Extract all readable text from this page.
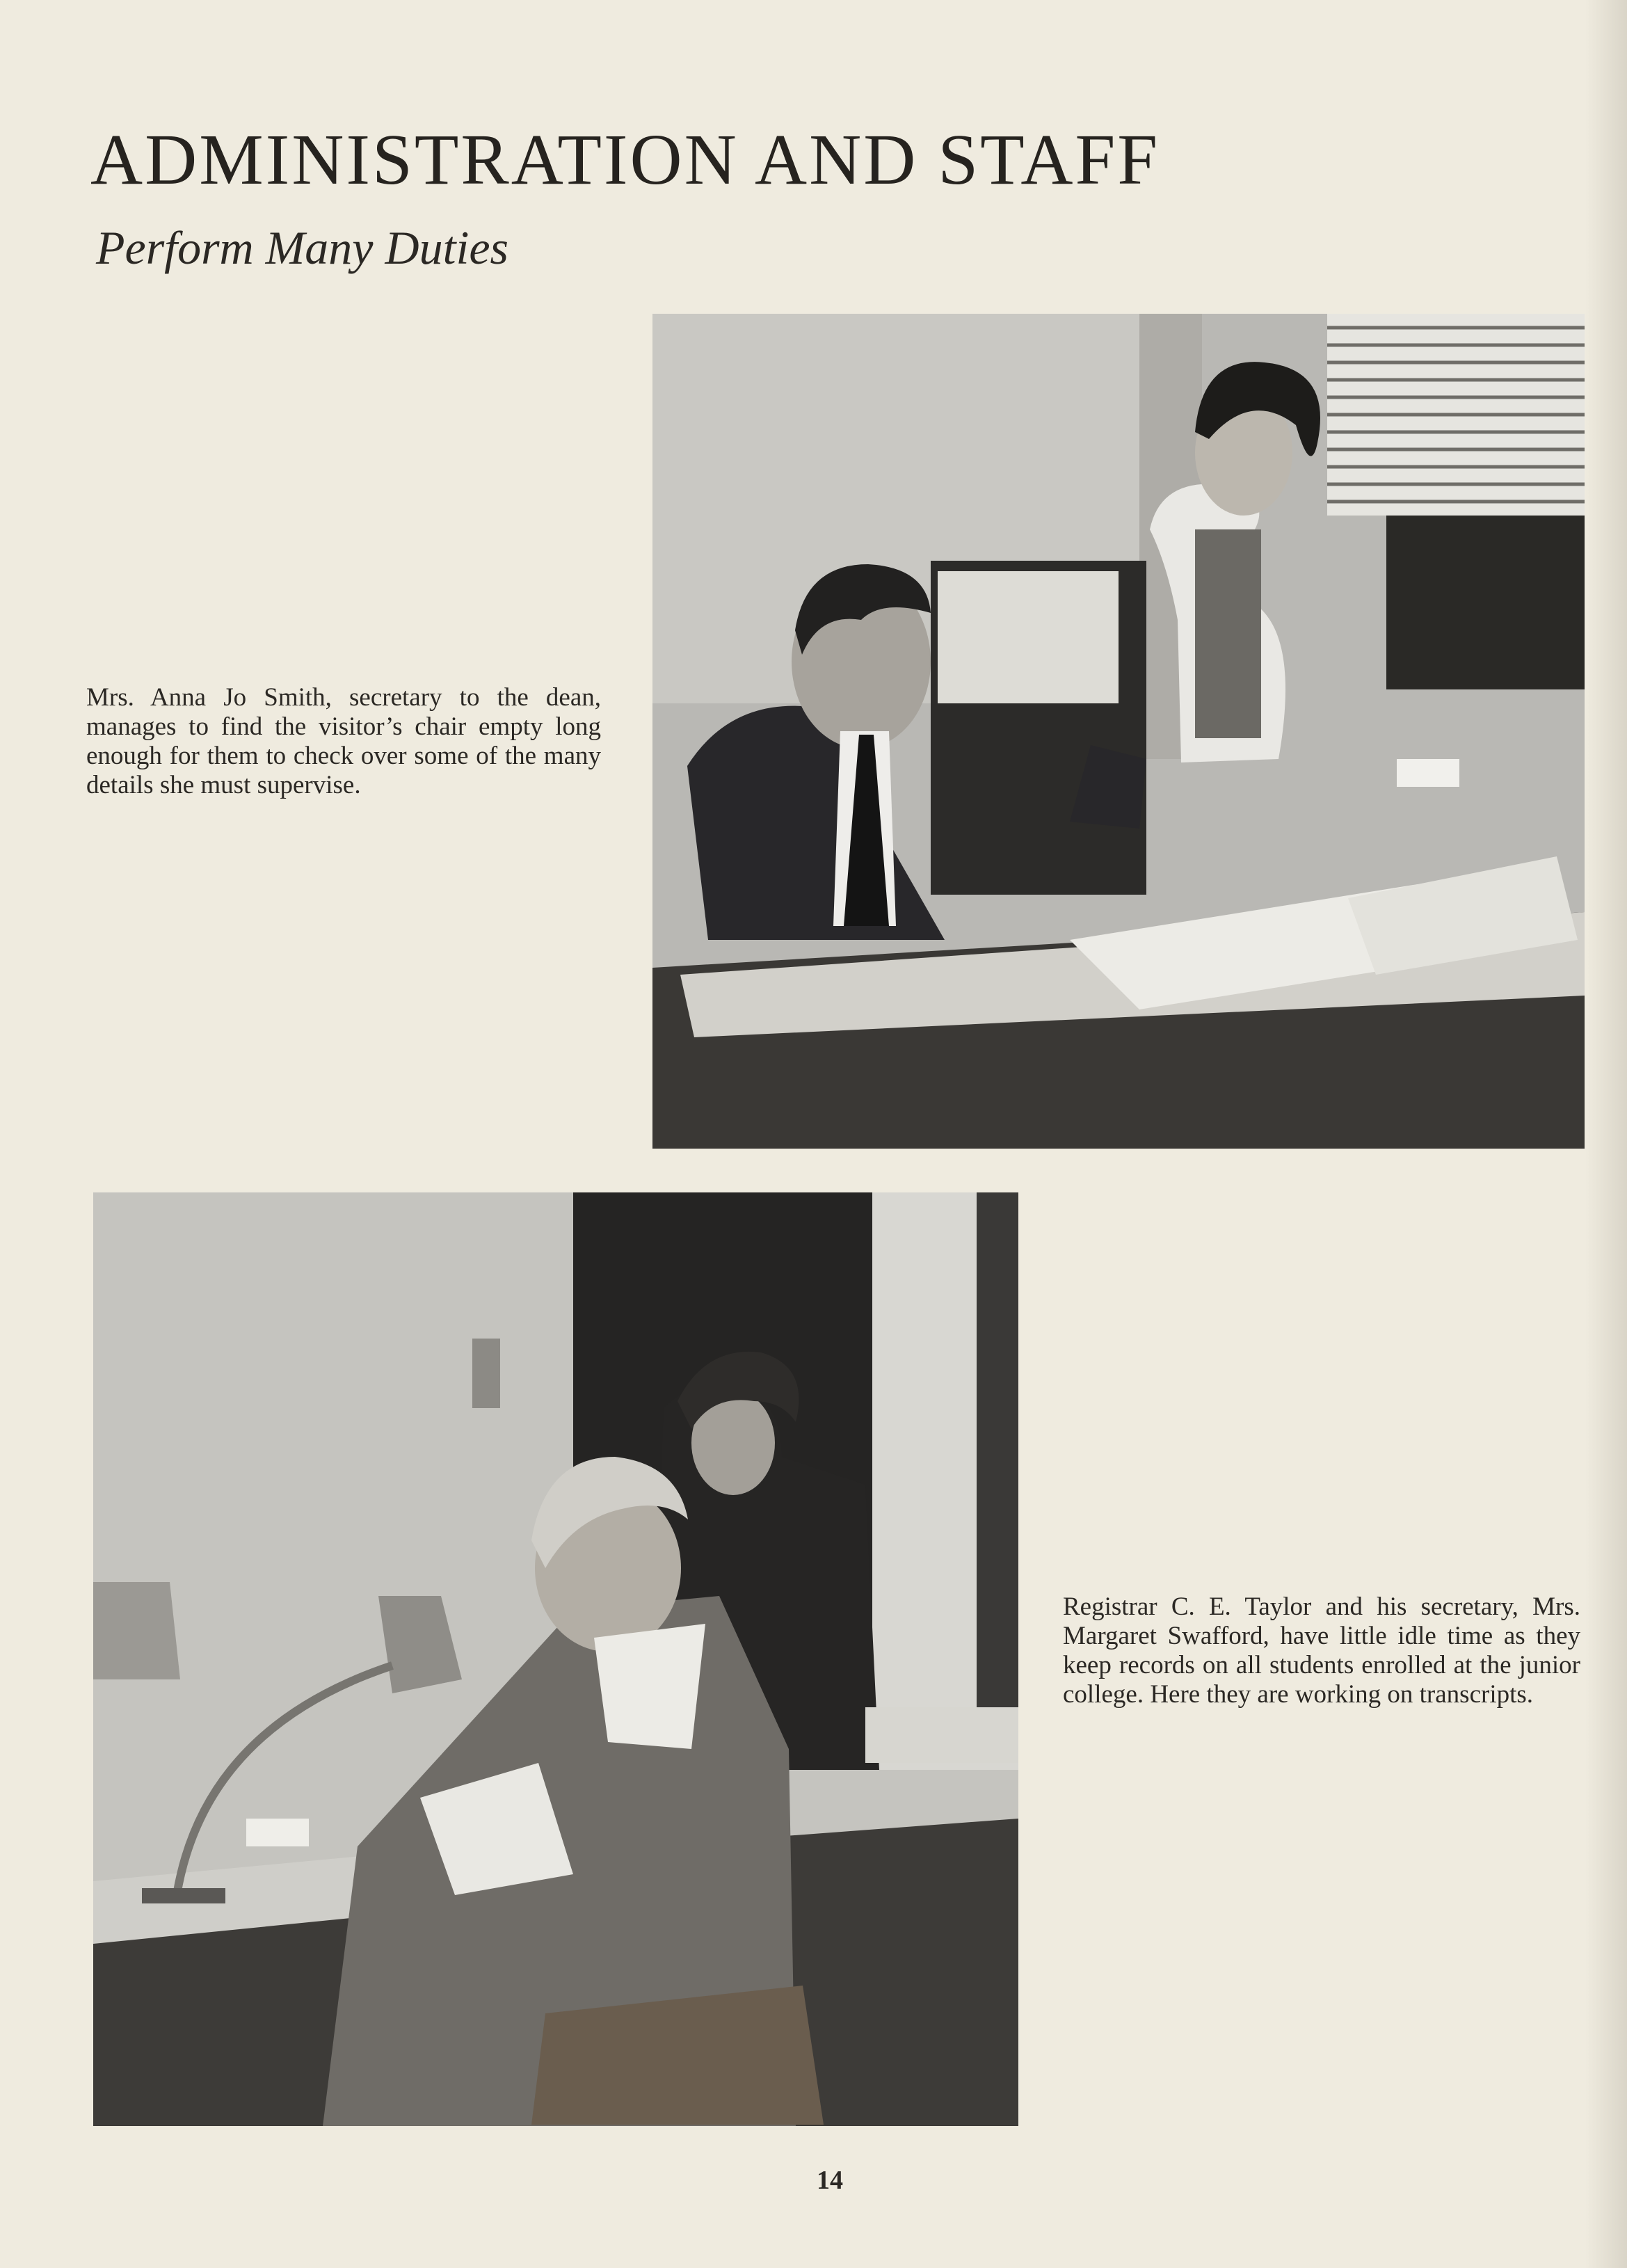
ADMINISTRATION AND STAFF
Perform Many Duties

Mrs. Anna Jo Smith, secretary to the dean, manages to find the visitor’s chair empty long enough for them to check over some of the many details she must supervise.

Registrar C. E. Taylor and his secretary, Mrs. Margaret Swafford, have little idle time as they keep records on all students enrolled at the junior college. Here they are working on transcripts.

14
